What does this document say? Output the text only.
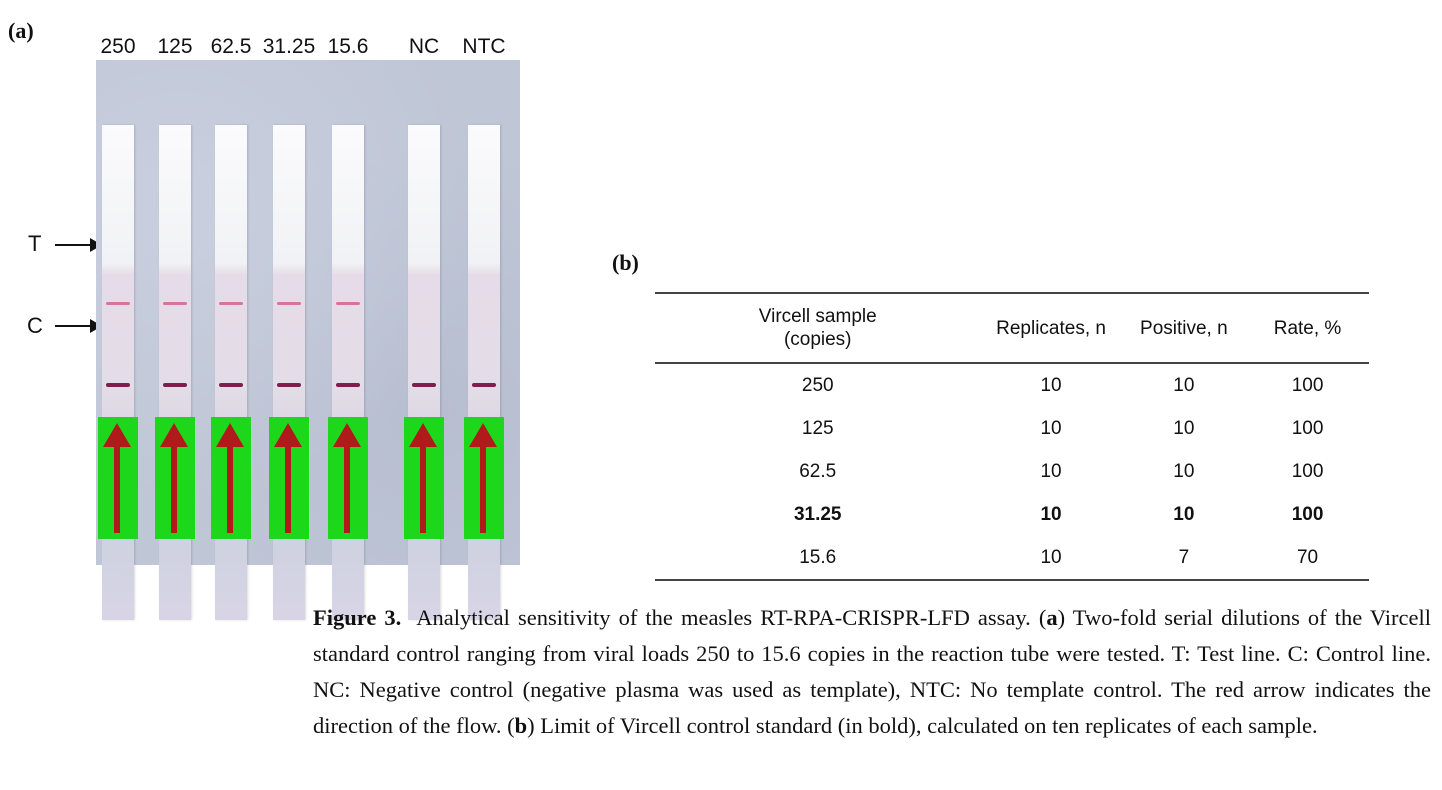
(a)
250 125 62.5 31.25 15.6 NC NTC
T
C
(b)
Vircell sample (copies)	Replicates, n	Positive, n	Rate, %
250	10	10	100
125	10	10	100
62.5	10	10	100
31.25	10	10	100
15.6	10	7	70
Figure 3. Analytical sensitivity of the measles RT-RPA-CRISPR-LFD assay. (a) Two-fold serial dilutions of the Vircell standard control ranging from viral loads 250 to 15.6 copies in the reaction tube were tested. T: Test line. C: Control line. NC: Negative control (negative plasma was used as template), NTC: No template control. The red arrow indicates the direction of the flow. (b) Limit of Vircell control standard (in bold), calculated on ten replicates of each sample.
